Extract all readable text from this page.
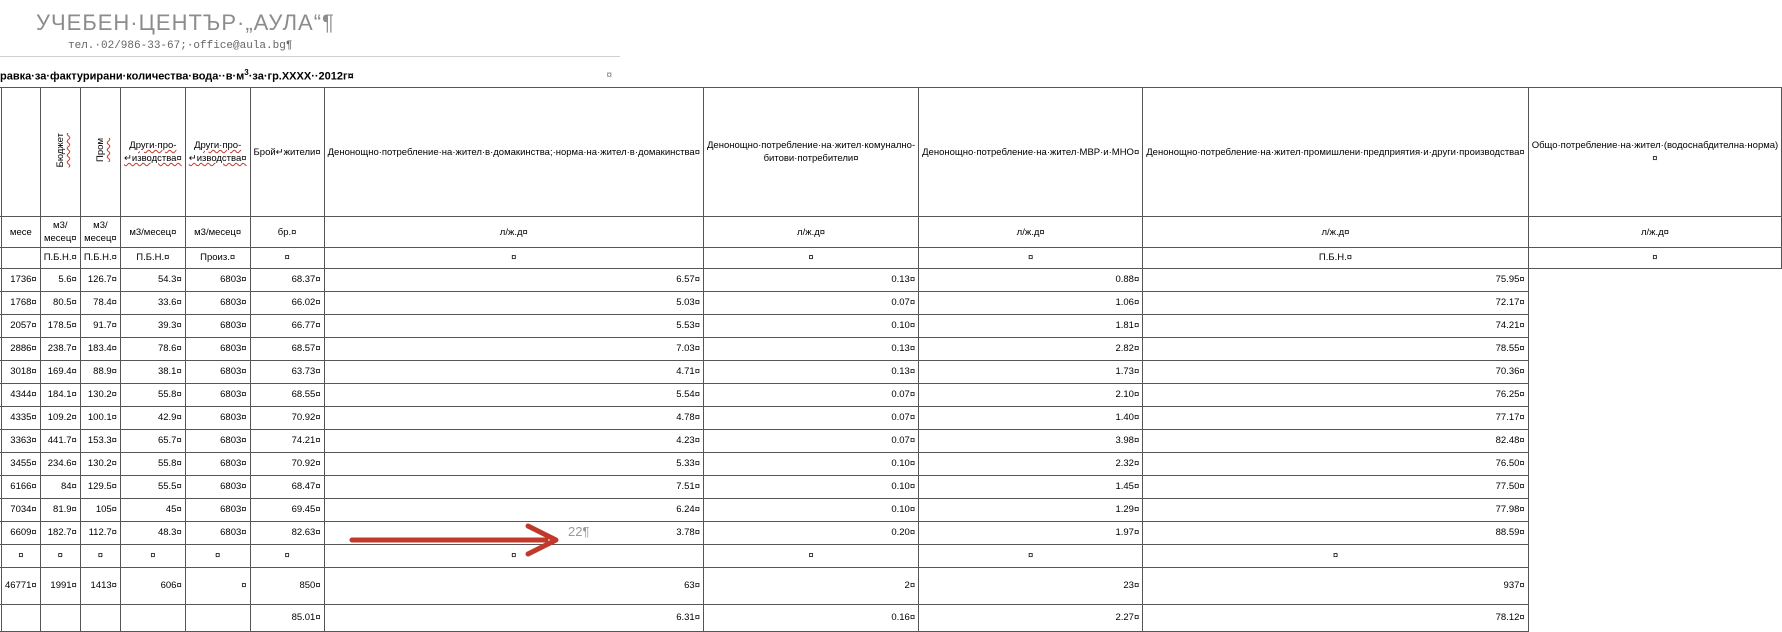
УЧЕБЕН·ЦЕНТЪР·„АУЛА“¶
тел.·02/986-33-67;·office@aula.bg¶
$равка\cdot за\cdot фактурирани\cdot количества\cdot вода\cdot\cdot в\cdot м^3\cdot за\cdot гр.XXXX\cdot\cdot 2012г¤$	¤
		Бюджет	Пром	Други·про-↵изводства¤	Други·про-↵изводства¤	Брой↵жители¤	Денонощно·потребление·на·жител·в·домакинства;·норма·на·жител·в·домакинства¤	Денонощно·потребление·на·жител·комунално-битови·потребители¤	Денонощно·потребление·на·жител·МВР·и·МНО¤	Денонощно·потребление·на·жител·промишлени·предприятия·и·други·производства¤	Общо·потребление·на·жител·(водоснабдителна·норма)¤
	месе	м3/месец¤	м3/месец¤	м3/месец¤	м3/месец¤	бр.¤	л/ж.д¤	л/ж.д¤	л/ж.д¤	л/ж.д¤	л/ж.д¤
		П.Б.Н.¤	П.Б.Н.¤	П.Б.Н.¤	Произ.¤	¤	¤	¤	¤	П.Б.Н.¤	¤
	1736¤	5.6¤	126.7¤	54.3¤	6803¤	68.37¤	6.57¤	0.13¤	0.88¤	75.95¤	
	1768¤	80.5¤	78.4¤	33.6¤	6803¤	66.02¤	5.03¤	0.07¤	1.06¤	72.17¤	
	2057¤	178.5¤	91.7¤	39.3¤	6803¤	66.77¤	5.53¤	0.10¤	1.81¤	74.21¤	
	2886¤	238.7¤	183.4¤	78.6¤	6803¤	68.57¤	7.03¤	0.13¤	2.82¤	78.55¤	
	3018¤	169.4¤	88.9¤	38.1¤	6803¤	63.73¤	4.71¤	0.13¤	1.73¤	70.36¤	
	4344¤	184.1¤	130.2¤	55.8¤	6803¤	68.55¤	5.54¤	0.07¤	2.10¤	76.25¤	
	4335¤	109.2¤	100.1¤	42.9¤	6803¤	70.92¤	4.78¤	0.07¤	1.40¤	77.17¤	
	3363¤	441.7¤	153.3¤	65.7¤	6803¤	74.21¤	4.23¤	0.07¤	3.98¤	82.48¤	
	3455¤	234.6¤	130.2¤	55.8¤	6803¤	70.92¤	5.33¤	0.10¤	2.32¤	76.50¤	
	6166¤	84¤	129.5¤	55.5¤	6803¤	68.47¤	7.51¤	0.10¤	1.45¤	77.50¤	
	7034¤	81.9¤	105¤	45¤	6803¤	69.45¤	6.24¤	0.10¤	1.29¤	77.98¤	
	6609¤	182.7¤	112.7¤	48.3¤	6803¤	82.63¤	3.78¤	0.20¤	1.97¤	88.59¤	
	¤	¤	¤	¤	¤	¤	¤	¤	¤	¤	
	46771¤	1991¤	1413¤	606¤	¤	850¤	63¤	2¤	23¤	937¤	
						85.01¤	6.31¤	0.16¤	2.27¤	78.12¤	
22¶
